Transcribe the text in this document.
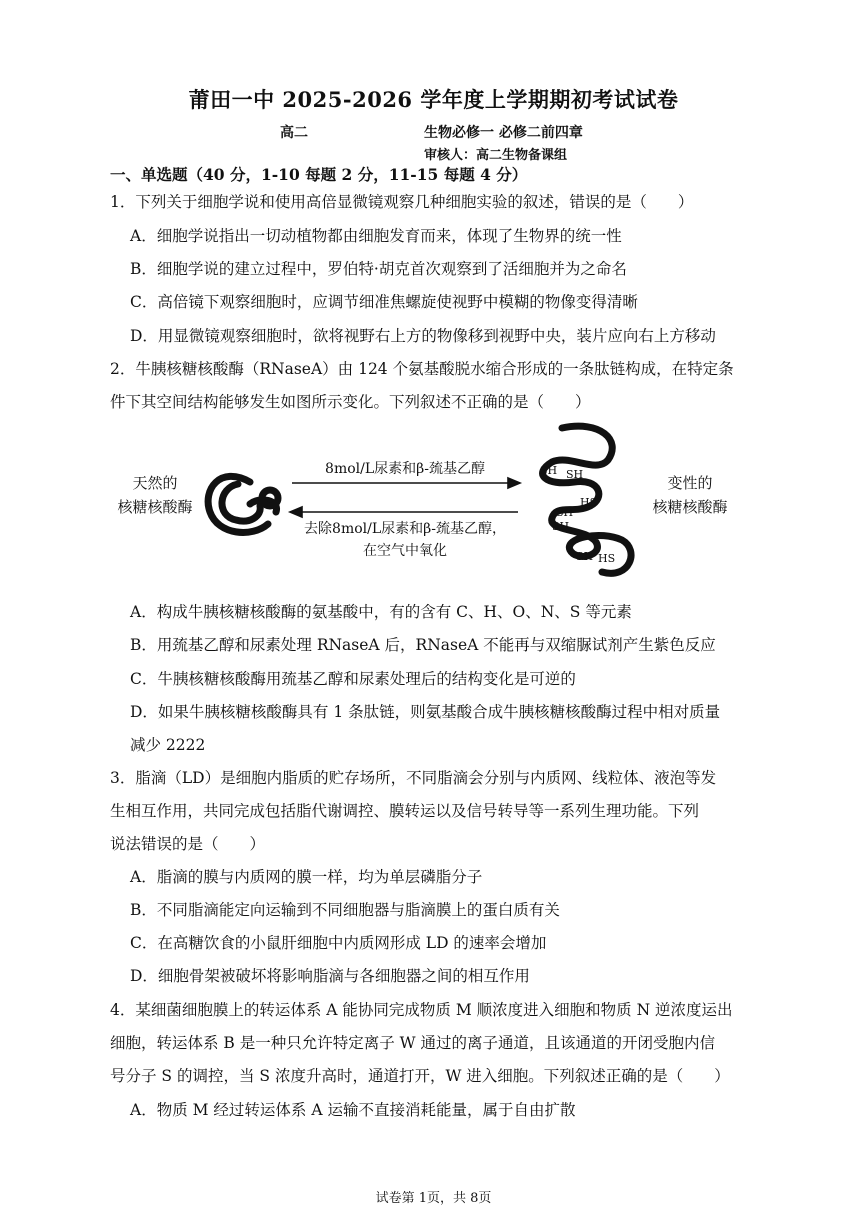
莆田一中 2025-2026 学年度上学期期初考试试卷
高二	生物必修一 必修二前四章
审核人：高二生物备课组
一、单选题（40 分，1-10 每题 2 分，11-15 每题 4 分）
1．下列关于细胞学说和使用高倍显微镜观察几种细胞实验的叙述，错误的是（　　）
A．细胞学说指出一切动植物都由细胞发育而来，体现了生物界的统一性
B．细胞学说的建立过程中，罗伯特·胡克首次观察到了活细胞并为之命名
C．高倍镜下观察细胞时，应调节细准焦螺旋使视野中模糊的物像变得清晰
D．用显微镜观察细胞时，欲将视野右上方的物像移到视野中央，装片应向右上方移动
2．牛胰核糖核酸酶（RNaseA）由 124 个氨基酸脱水缩合形成的一条肽链构成，在特定条
件下其空间结构能够发生如图所示变化。下列叙述不正确的是（　　）
天然的
核糖核酸酶
8mol/L尿素和β-巯基乙醇
去除8mol/L尿素和β-巯基乙醇，
在空气中氧化
SH SH
HS
SH
SH
SH HS
变性的
核糖核酸酶
A．构成牛胰核糖核酸酶的氨基酸中，有的含有 C、H、O、N、S 等元素
B．用巯基乙醇和尿素处理 RNaseA 后，RNaseA 不能再与双缩脲试剂产生紫色反应
C．牛胰核糖核酸酶用巯基乙醇和尿素处理后的结构变化是可逆的
D．如果牛胰核糖核酸酶具有 1 条肽链，则氨基酸合成牛胰核糖核酸酶过程中相对质量
减少 2222
3．脂滴（LD）是细胞内脂质的贮存场所，不同脂滴会分别与内质网、线粒体、液泡等发
生相互作用，共同完成包括脂代谢调控、膜转运以及信号转导等一系列生理功能。下列
说法错误的是（　　）
A．脂滴的膜与内质网的膜一样，均为单层磷脂分子
B．不同脂滴能定向运输到不同细胞器与脂滴膜上的蛋白质有关
C．在高糖饮食的小鼠肝细胞中内质网形成 LD 的速率会增加
D．细胞骨架被破坏将影响脂滴与各细胞器之间的相互作用
4．某细菌细胞膜上的转运体系 A 能协同完成物质 M 顺浓度进入细胞和物质 N 逆浓度运出
细胞，转运体系 B 是一种只允许特定离子 W 通过的离子通道，且该通道的开闭受胞内信
号分子 S 的调控，当 S 浓度升高时，通道打开，W 进入细胞。下列叙述正确的是（　　）
A．物质 M 经过转运体系 A 运输不直接消耗能量，属于自由扩散
试卷第 1页，共 8页
